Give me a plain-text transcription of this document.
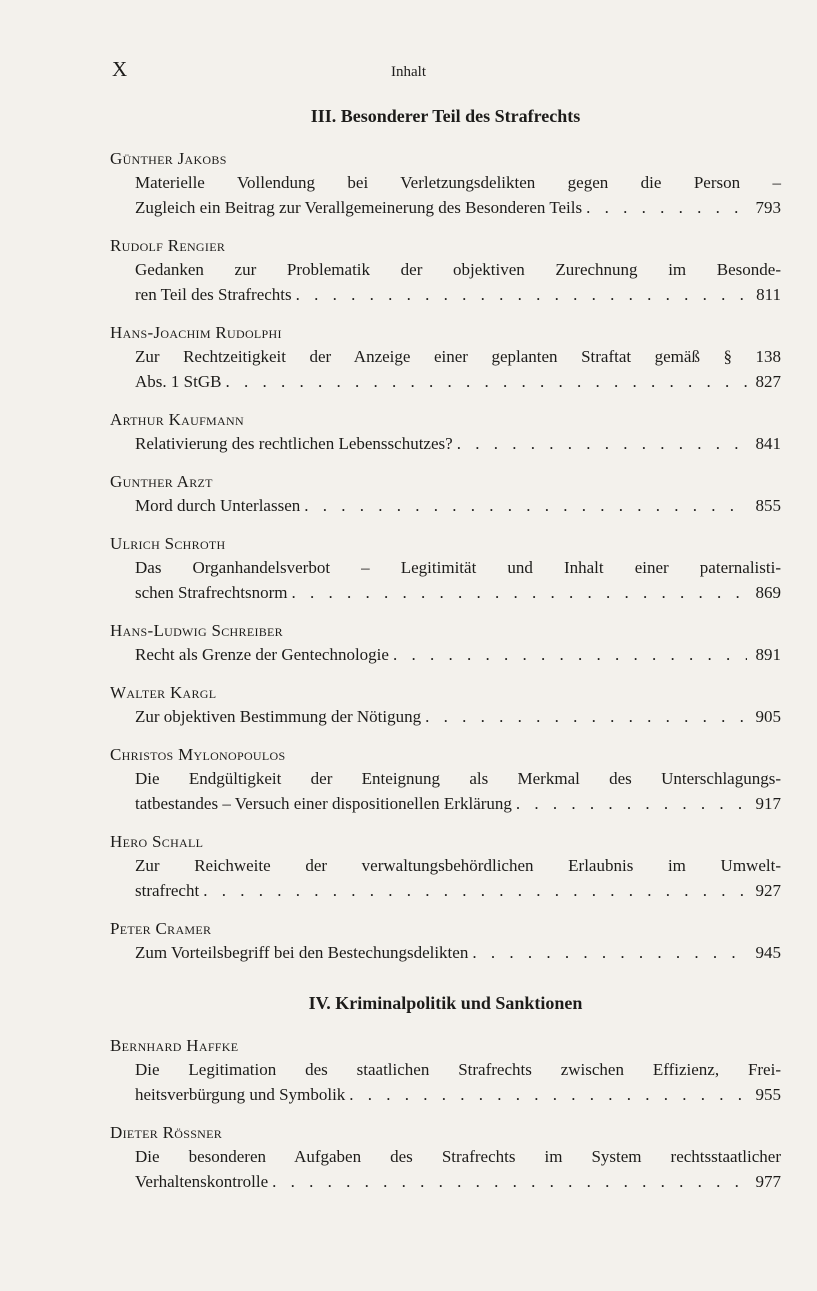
X	Inhalt
III. Besonderer Teil des Strafrechts
Günther Jakobs
Materielle Vollendung bei Verletzungsdelikten gegen die Person –
Zugleich ein Beitrag zur Verallgemeinerung des Besonderen Teils . . .	793
Rudolf Rengier
Gedanken zur Problematik der objektiven Zurechnung im Besonde-
ren Teil des Strafrechts . . .	811
Hans-Joachim Rudolphi
Zur Rechtzeitigkeit der Anzeige einer geplanten Straftat gemäß § 138
Abs. 1 StGB . . .	827
Arthur Kaufmann
Relativierung des rechtlichen Lebensschutzes? . . .	841
Gunther Arzt
Mord durch Unterlassen . . .	855
Ulrich Schroth
Das Organhandelsverbot – Legitimität und Inhalt einer paternalisti-
schen Strafrechtsnorm . . .	869
Hans-Ludwig Schreiber
Recht als Grenze der Gentechnologie . . .	891
Walter Kargl
Zur objektiven Bestimmung der Nötigung . . .	905
Christos Mylonopoulos
Die Endgültigkeit der Enteignung als Merkmal des Unterschlagungs-
tatbestandes – Versuch einer dispositionellen Erklärung . . .	917
Hero Schall
Zur Reichweite der verwaltungsbehördlichen Erlaubnis im Umwelt-
strafrecht . . .	927
Peter Cramer
Zum Vorteilsbegriff bei den Bestechungsdelikten . . .	945
IV. Kriminalpolitik und Sanktionen
Bernhard Haffke
Die Legitimation des staatlichen Strafrechts zwischen Effizienz, Frei-
heitsverbürgung und Symbolik . . .	955
Dieter Rössner
Die besonderen Aufgaben des Strafrechts im System rechtsstaatlicher
Verhaltenskontrolle . . .	977
